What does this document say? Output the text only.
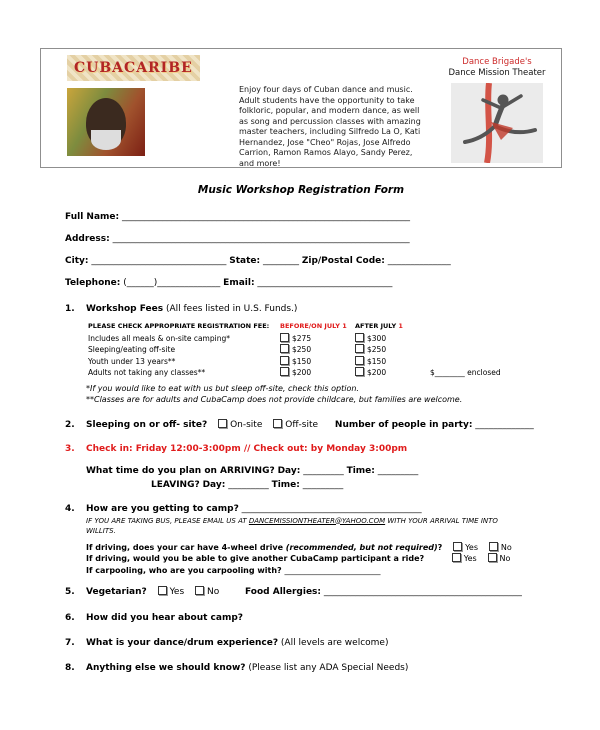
CUBACARIBE
Enjoy four days of Cuban dance and music. Adult students have the opportunity to take folkloric, popular, and modern dance, as well as song and percussion classes with amazing master teachers, including Silfredo La O, Kati Hernandez, Jose "Cheo" Rojas, Jose Alfredo Carrion, Ramon Ramos Alayo, Sandy Perez, and more!
Dance Brigade's
Dance Mission Theater
Music Workshop Registration Form
Full Name: ________________________________________________________________
Address: __________________________________________________________________
City: ______________________________ State: ________ Zip/Postal Code: ______________
Telephone: (______)______________ Email: ______________________________
1. Workshop Fees (All fees listed in U.S. Funds.)
PLEASE CHECK APPROPRIATE REGISTRATION FEE:	BEFORE/ON JULY 1	AFTER JULY 1
Includes all meals & on-site camping*	$275	$300
Sleeping/eating off-site	$250	$250
Youth under 13 years**	$150	$150
Adults not taking any classes**	$200	$200	$________ enclosed
*If you would like to eat with us but sleep off-site, check this option.
**Classes are for adults and CubaCamp does not provide childcare, but families are welcome.
2. Sleeping on or off- site?	On-site	Off-site Number of people in party: _____________
3. Check in: Friday 12:00-3:00pm // Check out: by Monday 3:00pm
What time do you plan on ARRIVING? Day: _________ Time: _________
LEAVING? Day: _________ Time: _________
4. How are you getting to camp? ________________________________________
IF YOU ARE TAKING BUS, PLEASE EMAIL US AT DANCEMISSIONTHEATER@YAHOO.COM WITH YOUR ARRIVAL TIME INTO
WILLITS.
If driving, does your car have 4-wheel drive (recommended, but not required)?	Yes	No
If driving, would you be able to give another CubaCamp participant a ride?	Yes	No
If carpooling, who are you carpooling with? ________________________
5. Vegetarian?	Yes	No	Food Allergies: ____________________________________________
6. How did you hear about camp?
7. What is your dance/drum experience? (All levels are welcome)
8. Anything else we should know? (Please list any ADA Special Needs)
